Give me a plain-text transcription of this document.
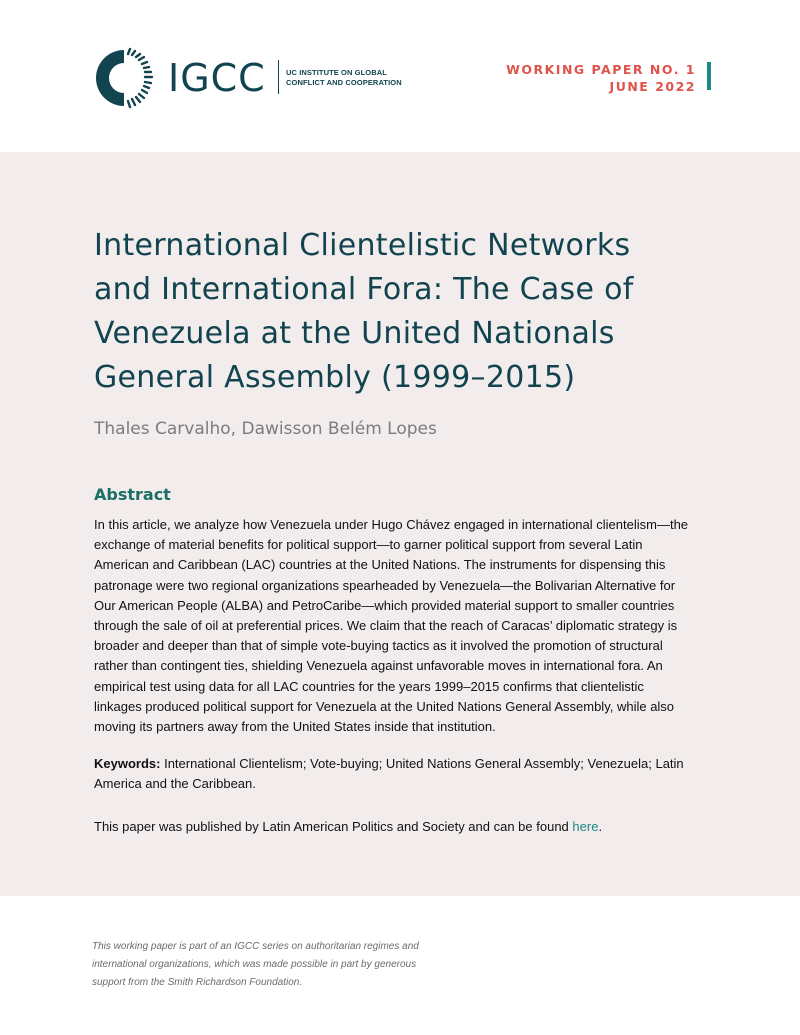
IGCC	UC INSTITUTE ON GLOBAL
CONFLICT AND COOPERATION
WORKING PAPER NO. 1
JUNE 2022
International Clientelistic Networks
and International Fora: The Case of
Venezuela at the United Nationals
General Assembly (1999–2015)
Thales Carvalho, Dawisson Belém Lopes
Abstract
In this article, we analyze how Venezuela under Hugo Chávez engaged in international clientelism—the
exchange of material benefits for political support—to garner political support from several Latin
American and Caribbean (LAC) countries at the United Nations. The instruments for dispensing this
patronage were two regional organizations spearheaded by Venezuela—the Bolivarian Alternative for
Our American People (ALBA) and PetroCaribe—which provided material support to smaller countries
through the sale of oil at preferential prices. We claim that the reach of Caracas’ diplomatic strategy is
broader and deeper than that of simple vote-buying tactics as it involved the promotion of structural
rather than contingent ties, shielding Venezuela against unfavorable moves in international fora. An
empirical test using data for all LAC countries for the years 1999–2015 confirms that clientelistic
linkages produced political support for Venezuela at the United Nations General Assembly, while also
moving its partners away from the United States inside that institution.
Keywords: International Clientelism; Vote-buying; United Nations General Assembly; Venezuela; Latin
America and the Caribbean.
This paper was published by Latin American Politics and Society and can be found here.
This working paper is part of an IGCC series on authoritarian regimes and
international organizations, which was made possible in part by generous
support from the Smith Richardson Foundation.
